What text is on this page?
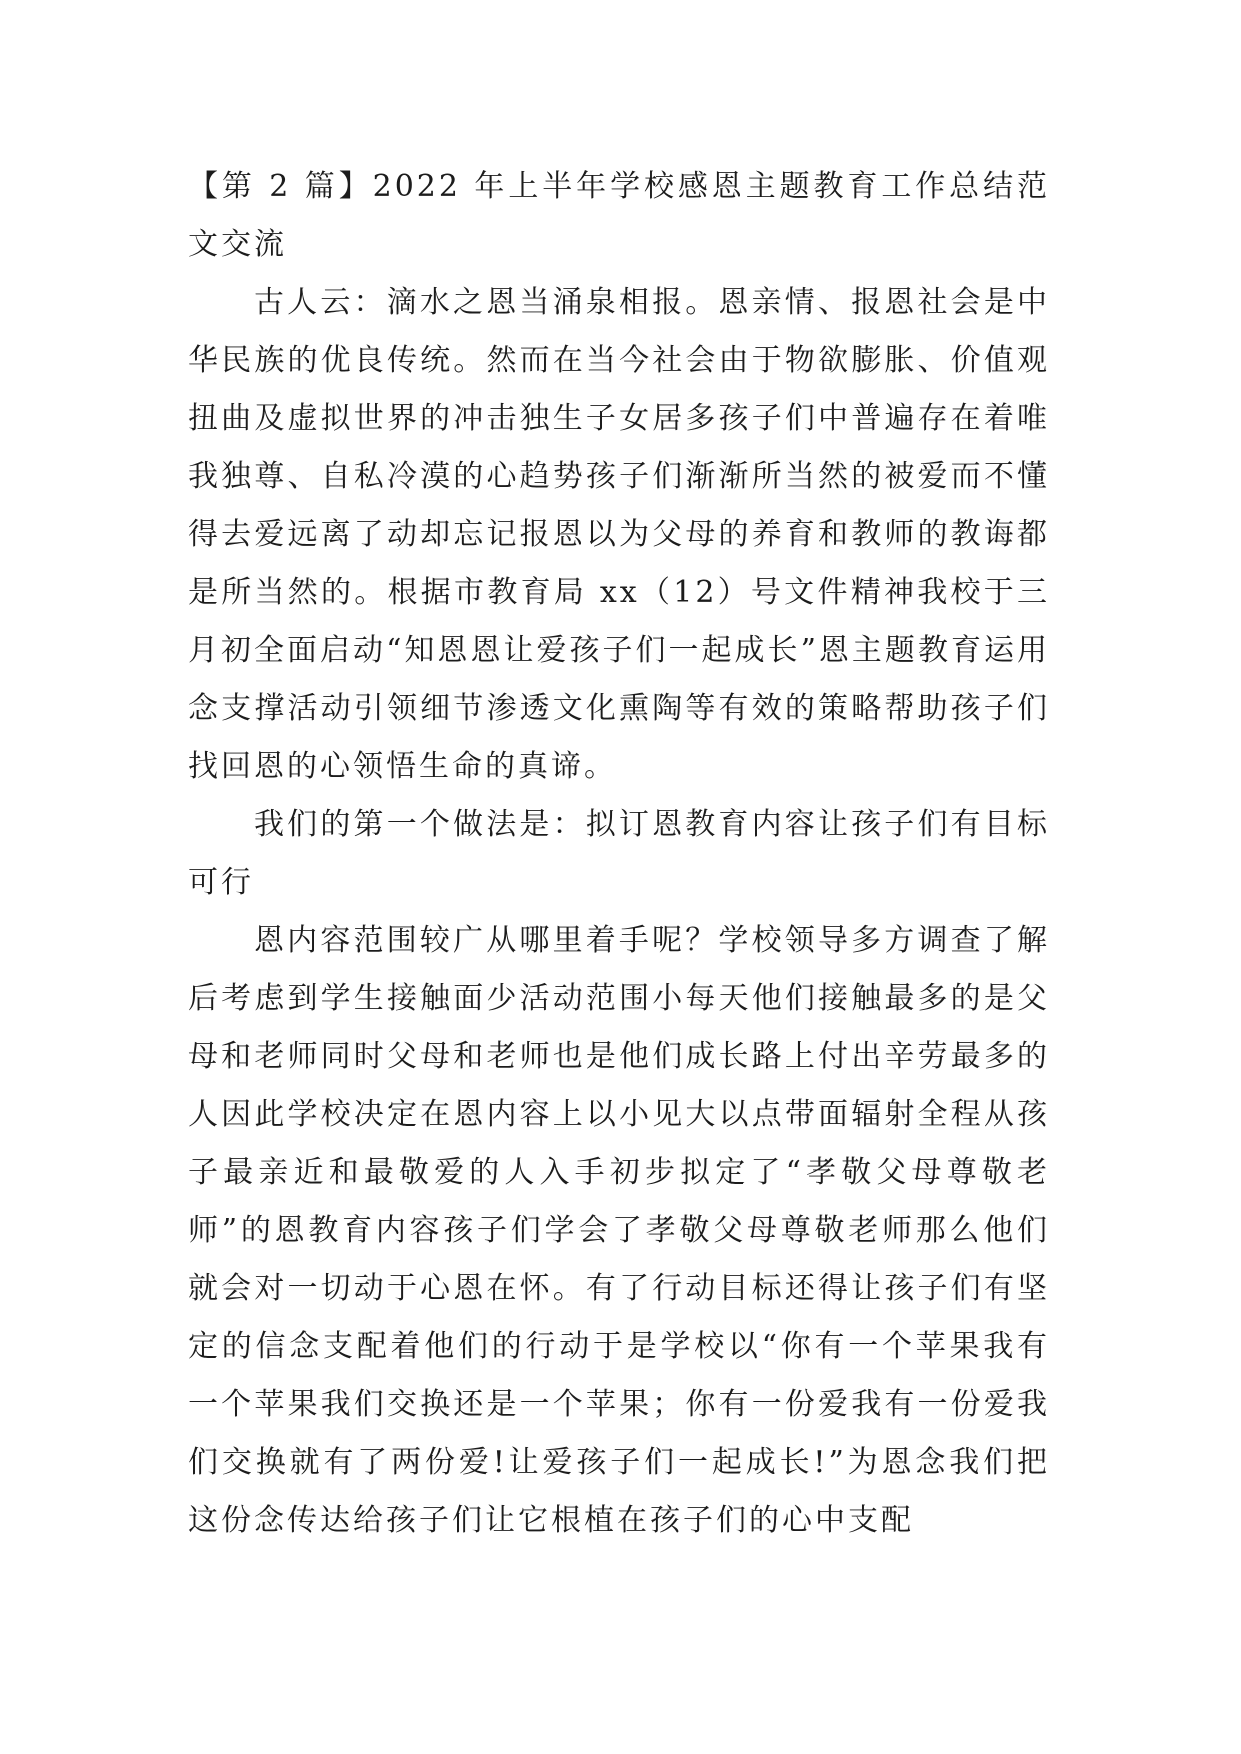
【第 2 篇】2022 年上半年学校感恩主题教育工作总结范文交流

古人云：滴水之恩当涌泉相报。恩亲情、报恩社会是中华民族的优良传统。然而在当今社会由于物欲膨胀、价值观扭曲及虚拟世界的冲击独生子女居多孩子们中普遍存在着唯我独尊、自私冷漠的心趋势孩子们渐渐所当然的被爱而不懂得去爱远离了动却忘记报恩以为父母的养育和教师的教诲都是所当然的。根据市教育局 xx（12）号文件精神我校于三月初全面启动“知恩恩让爱孩子们一起成长”恩主题教育运用念支撑活动引领细节渗透文化熏陶等有效的策略帮助孩子们找回恩的心领悟生命的真谛。

我们的第一个做法是：拟订恩教育内容让孩子们有目标可行

恩内容范围较广从哪里着手呢？学校领导多方调查了解后考虑到学生接触面少活动范围小每天他们接触最多的是父母和老师同时父母和老师也是他们成长路上付出辛劳最多的人因此学校决定在恩内容上以小见大以点带面辐射全程从孩子最亲近和最敬爱的人入手初步拟定了“孝敬父母尊敬老师”的恩教育内容孩子们学会了孝敬父母尊敬老师那么他们就会对一切动于心恩在怀。有了行动目标还得让孩子们有坚定的信念支配着他们的行动于是学校以“你有一个苹果我有一个苹果我们交换还是一个苹果；你有一份爱我有一份爱我们交换就有了两份爱!让爱孩子们一起成长!”为恩念我们把这份念传达给孩子们让它根植在孩子们的心中支配
